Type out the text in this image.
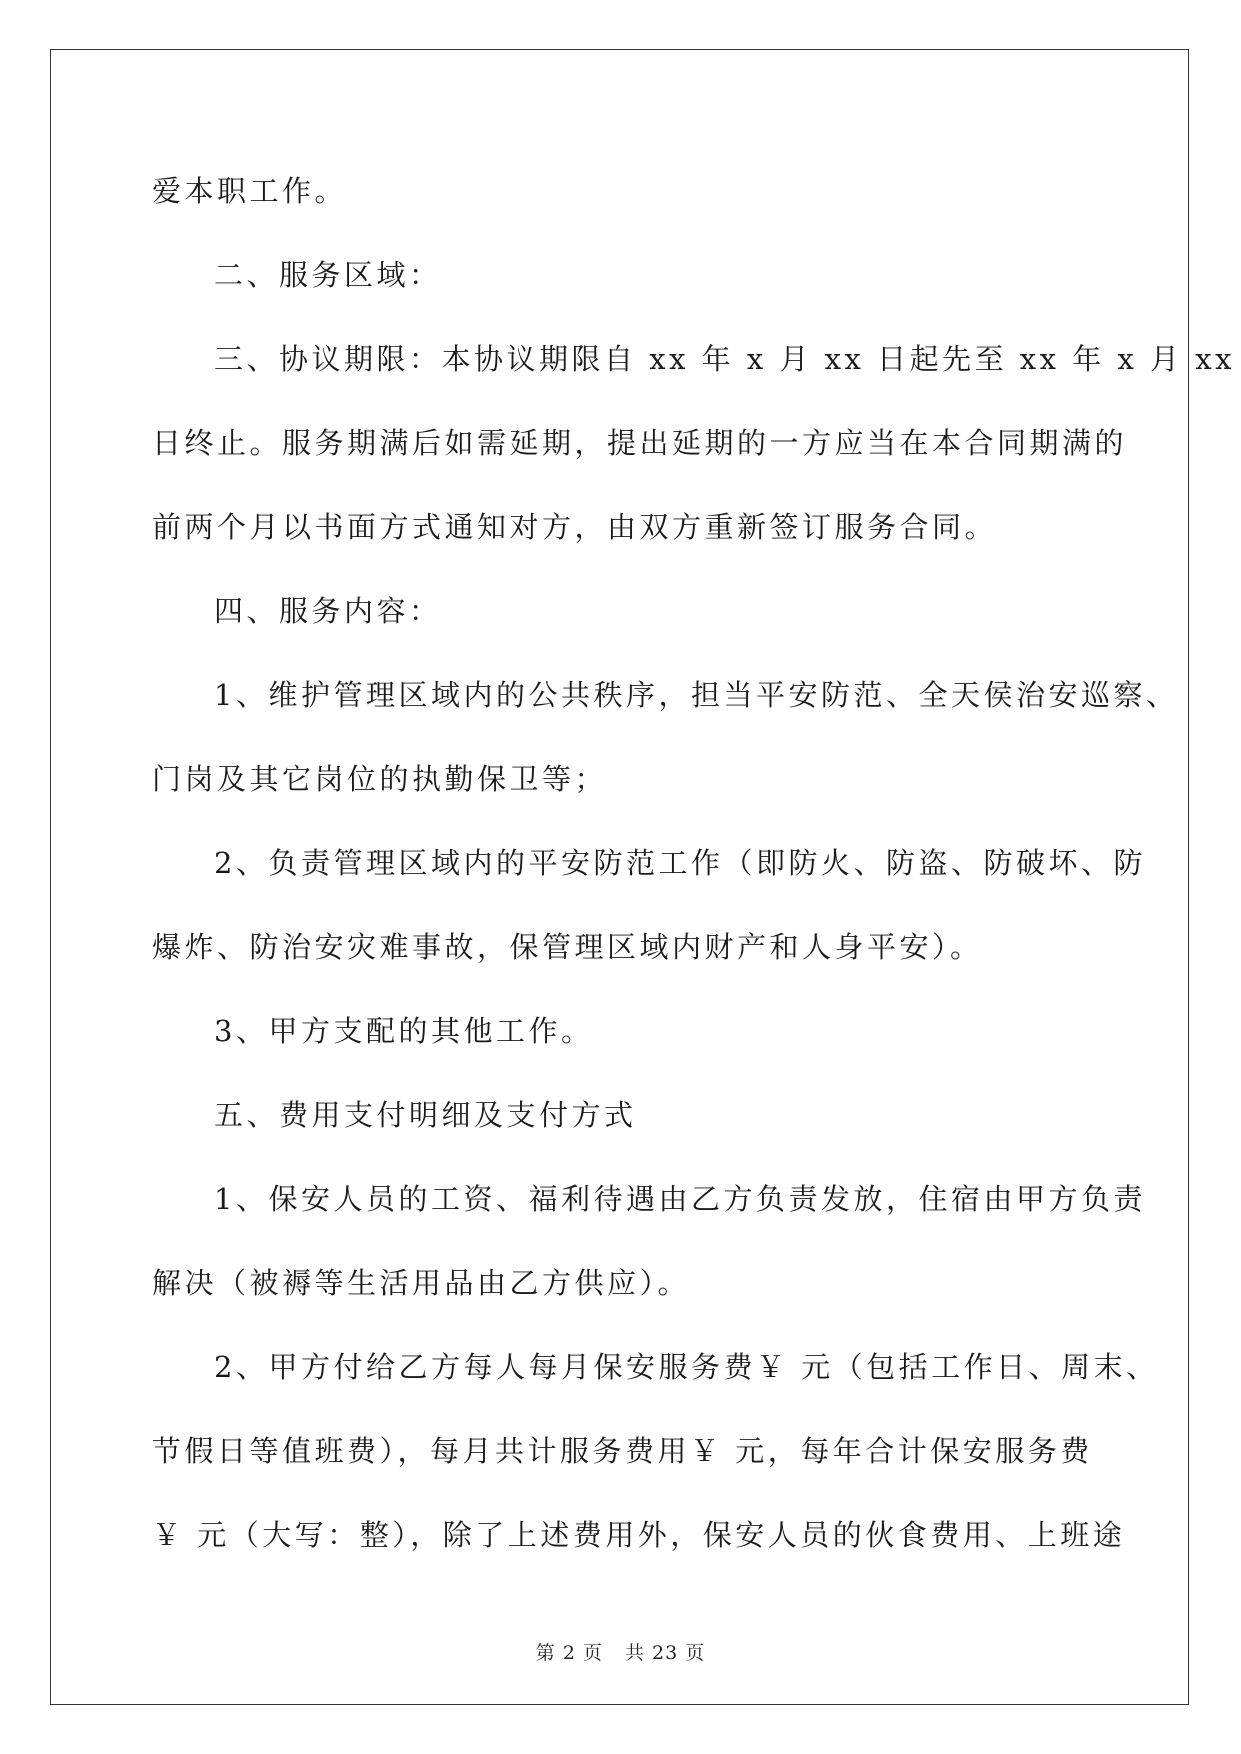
爱本职工作。
二、服务区域：
三、协议期限：本协议期限自 xx 年 x 月 xx 日起先至 xx 年 x 月 xx
日终止。服务期满后如需延期，提出延期的一方应当在本合同期满的
前两个月以书面方式通知对方，由双方重新签订服务合同。
四、服务内容：
1、维护管理区域内的公共秩序，担当平安防范、全天侯治安巡察、
门岗及其它岗位的执勤保卫等；
2、负责管理区域内的平安防范工作（即防火、防盗、防破坏、防
爆炸、防治安灾难事故，保管理区域内财产和人身平安）。
3、甲方支配的其他工作。
五、费用支付明细及支付方式
1、保安人员的工资、福利待遇由乙方负责发放，住宿由甲方负责
解决（被褥等生活用品由乙方供应）。
2、甲方付给乙方每人每月保安服务费￥ 元（包括工作日、周末、
节假日等值班费），每月共计服务费用￥ 元，每年合计保安服务费
￥ 元（大写：整），除了上述费用外，保安人员的伙食费用、上班途
第 2 页 共 23 页
